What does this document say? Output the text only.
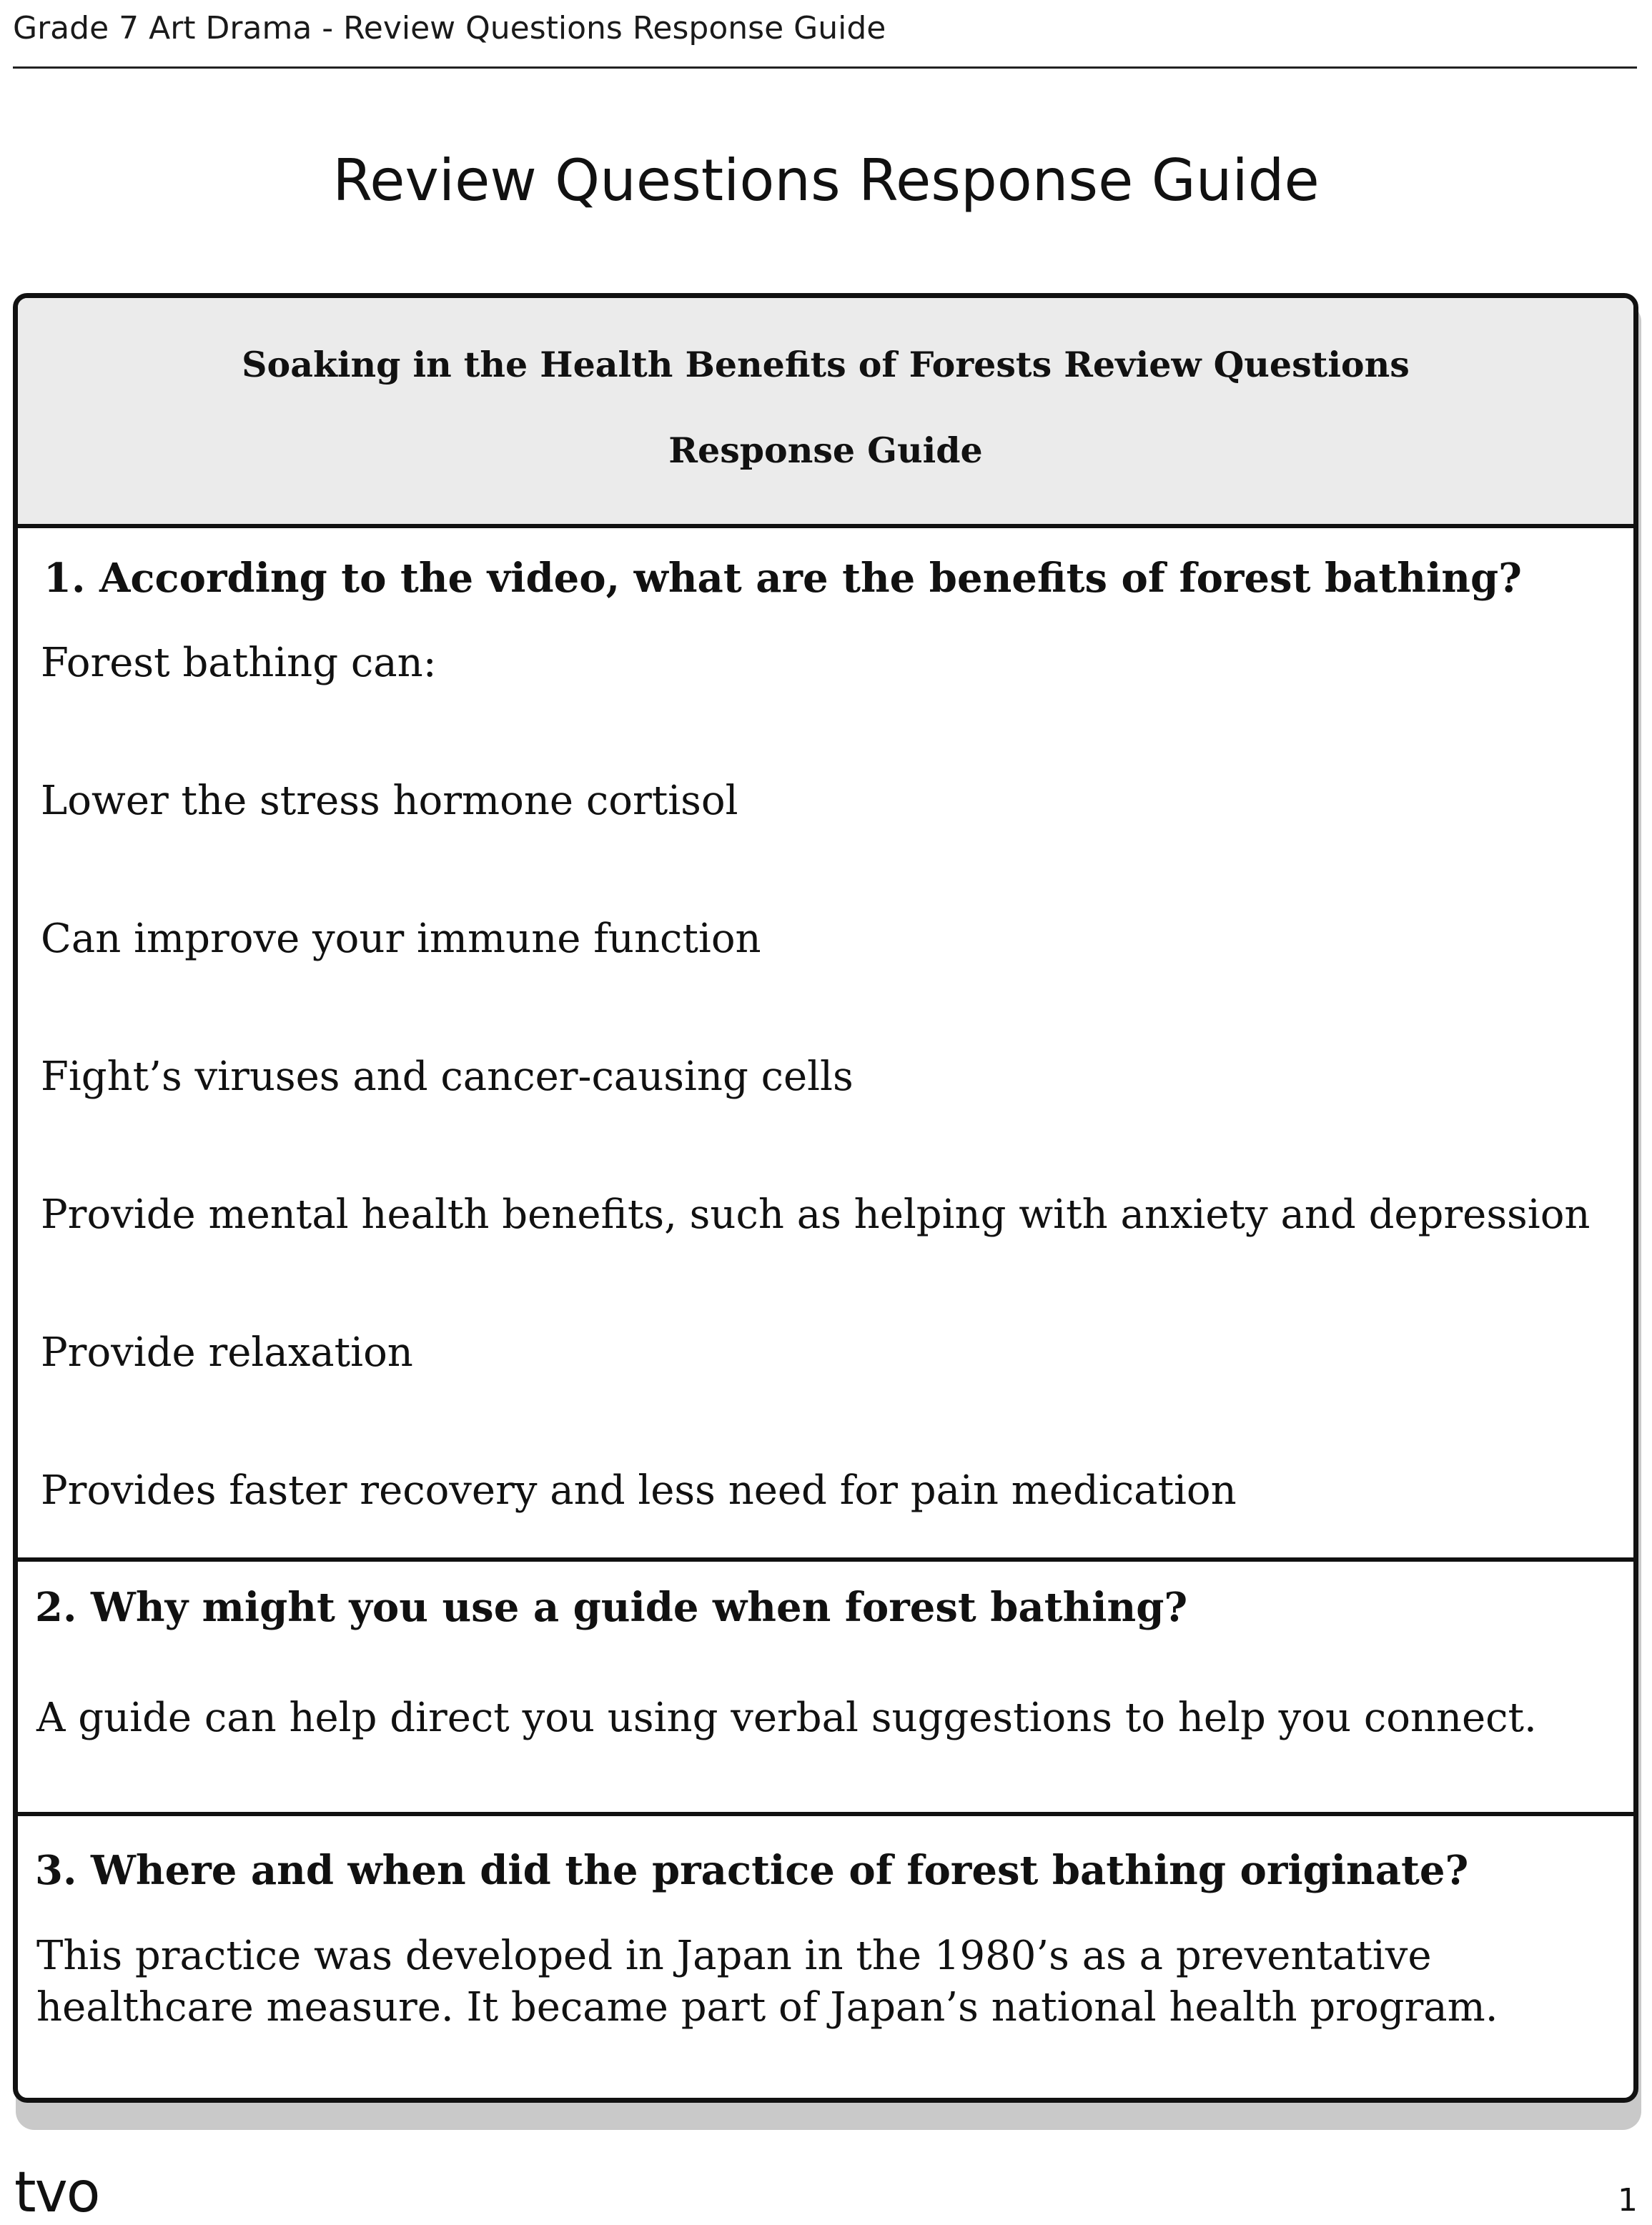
Grade 7 Art Drama - Review Questions Response Guide
Review Questions Response Guide
Soaking in the Health Benefits of Forests Review Questions
Response Guide
1. According to the video, what are the benefits of forest bathing?
Forest bathing can:
Lower the stress hormone cortisol
Can improve your immune function
Fight’s viruses and cancer-causing cells
Provide mental health benefits, such as helping with anxiety and depression
Provide relaxation
Provides faster recovery and less need for pain medication
2. Why might you use a guide when forest bathing?
A guide can help direct you using verbal suggestions to help you connect.
3. Where and when did the practice of forest bathing originate?
This practice was developed in Japan in the 1980’s as a preventative healthcare measure. It became part of Japan’s national health program.
tvo	1
